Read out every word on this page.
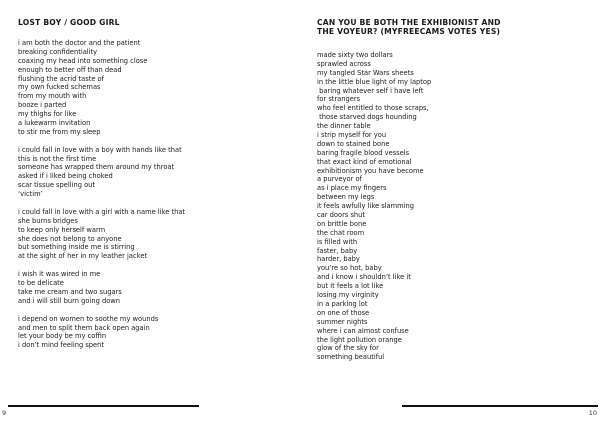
LOST BOY / GOOD GIRL
i am both the doctor and the patient
breaking confidentiality
coaxing my head into something close
enough to better off than dead
flushing the acrid taste of
my own fucked schemas
from my mouth with
booze i parted
my thighs for like
a lukewarm invitation
to stir me from my sleep
i could fall in love with a boy with hands like that
this is not the first time
someone has wrapped them around my throat
asked if i liked being choked
scar tissue spelling out
‘victim’
i could fall in love with a girl with a name like that
she burns bridges
to keep only herself warm
she does not belong to anyone
but something inside me is stirring
at the sight of her in my leather jacket
i wish it was wired in me
to be delicate
take me cream and two sugars
and i will still burn going down
i depend on women to soothe my wounds
and men to split them back open again
let your body be my coffin
i don’t mind feeling spent
9
CAN YOU BE BOTH THE EXHIBIONIST AND
THE VOYEUR? (MYFREECAMS VOTES YES)
made sixty two dollars
sprawled across
my tangled Star Wars sheets
in the little blue light of my laptop
baring whatever self i have left
for strangers
who feel entitled to those scraps,
those starved dogs hounding
the dinner table
i strip myself for you
down to stained bone
baring fragile blood vessels
that exact kind of emotional
exhibitionism you have become
a purveyor of
as i place my fingers
between my legs
it feels awfully like slamming
car doors shut
on brittle bone
the chat room
is filled with
faster, baby
harder, baby
you’re so hot, baby
and i know i shouldn’t like it
but it feels a lot like
losing my virginity
in a parking lot
on one of those
summer nights
where i can almost confuse
the light pollution orange
glow of the sky for
something beautiful
10
